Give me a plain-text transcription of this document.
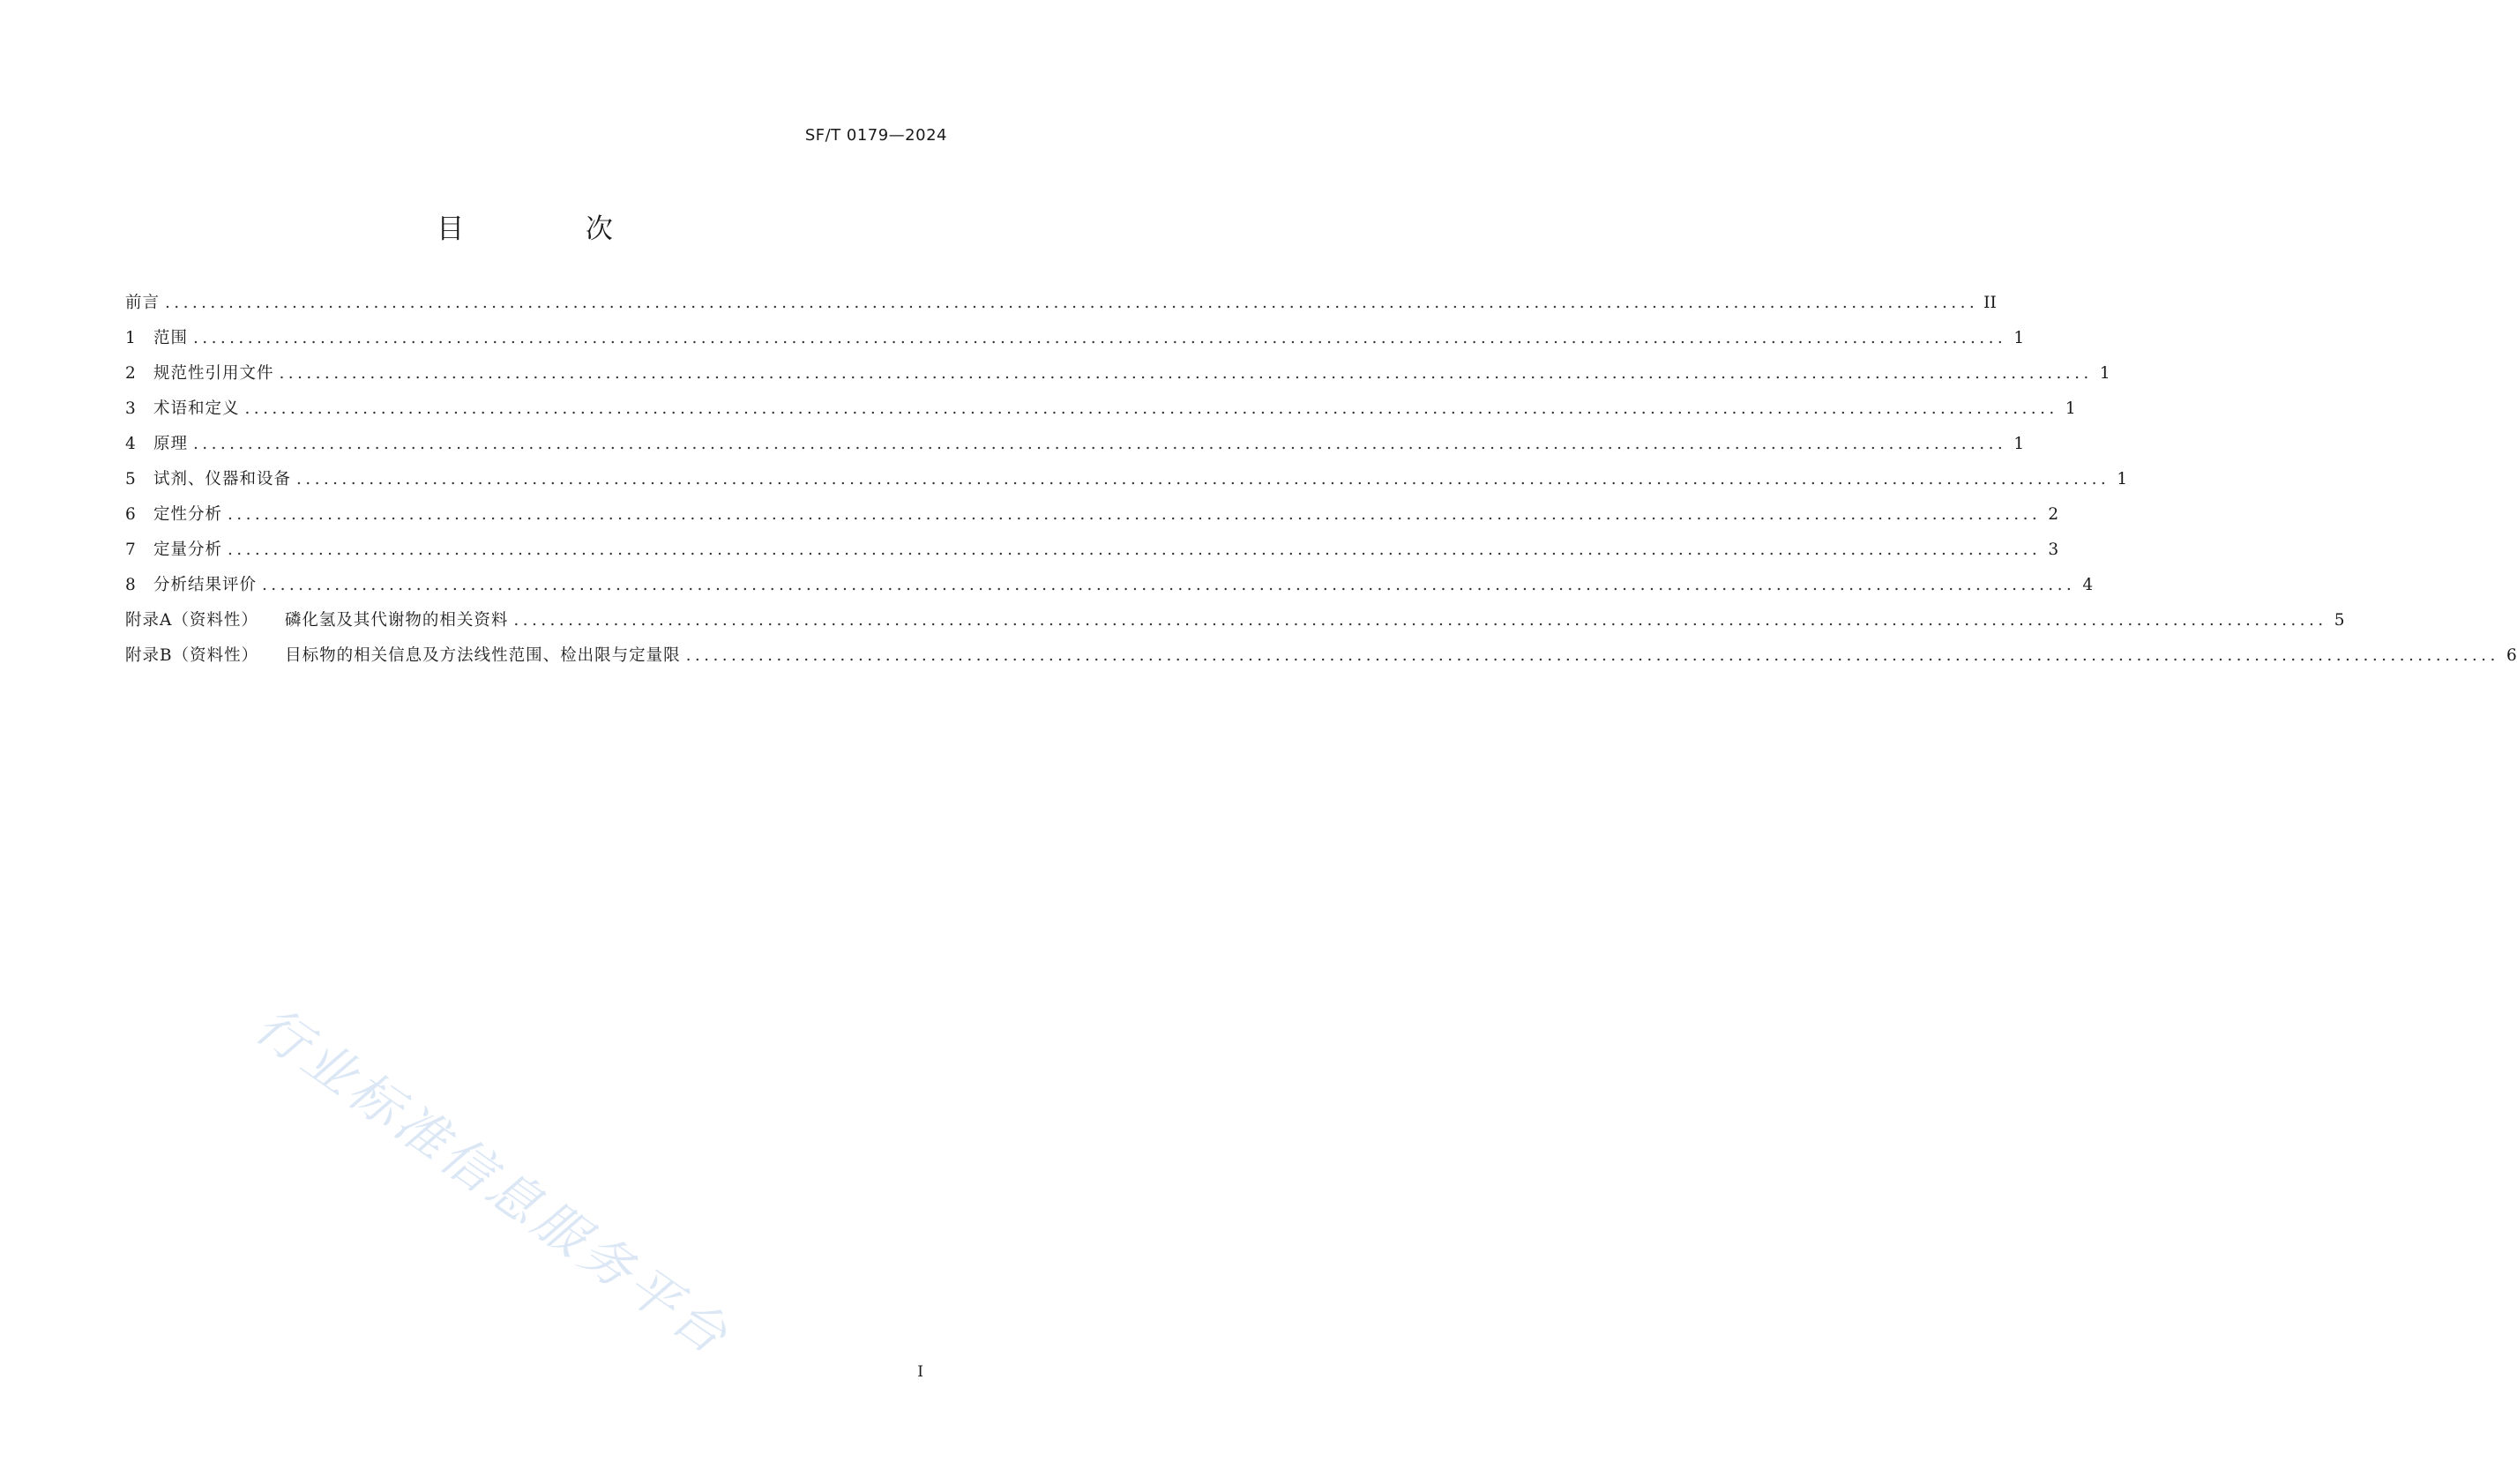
SF/T 0179—2024
目 次
前言 ........................................................................................................................................................................................................ II
1	范围 ........................................................................................................................................................................................................ 1
2	规范性引用文件 ........................................................................................................................................................................................................ 1
3	术语和定义 ........................................................................................................................................................................................................ 1
4	原理 ........................................................................................................................................................................................................ 1
5	试剂、仪器和设备 ........................................................................................................................................................................................................ 1
6	定性分析 ........................................................................................................................................................................................................ 2
7	定量分析 ........................................................................................................................................................................................................ 3
8	分析结果评价 ........................................................................................................................................................................................................ 4
附录A（资料性） 磷化氢及其代谢物的相关资料 ........................................................................................................................................................................................................ 5
附录B（资料性） 目标物的相关信息及方法线性范围、检出限与定量限 ........................................................................................................................................................................................................ 6
I
行业标准信息服务平台
